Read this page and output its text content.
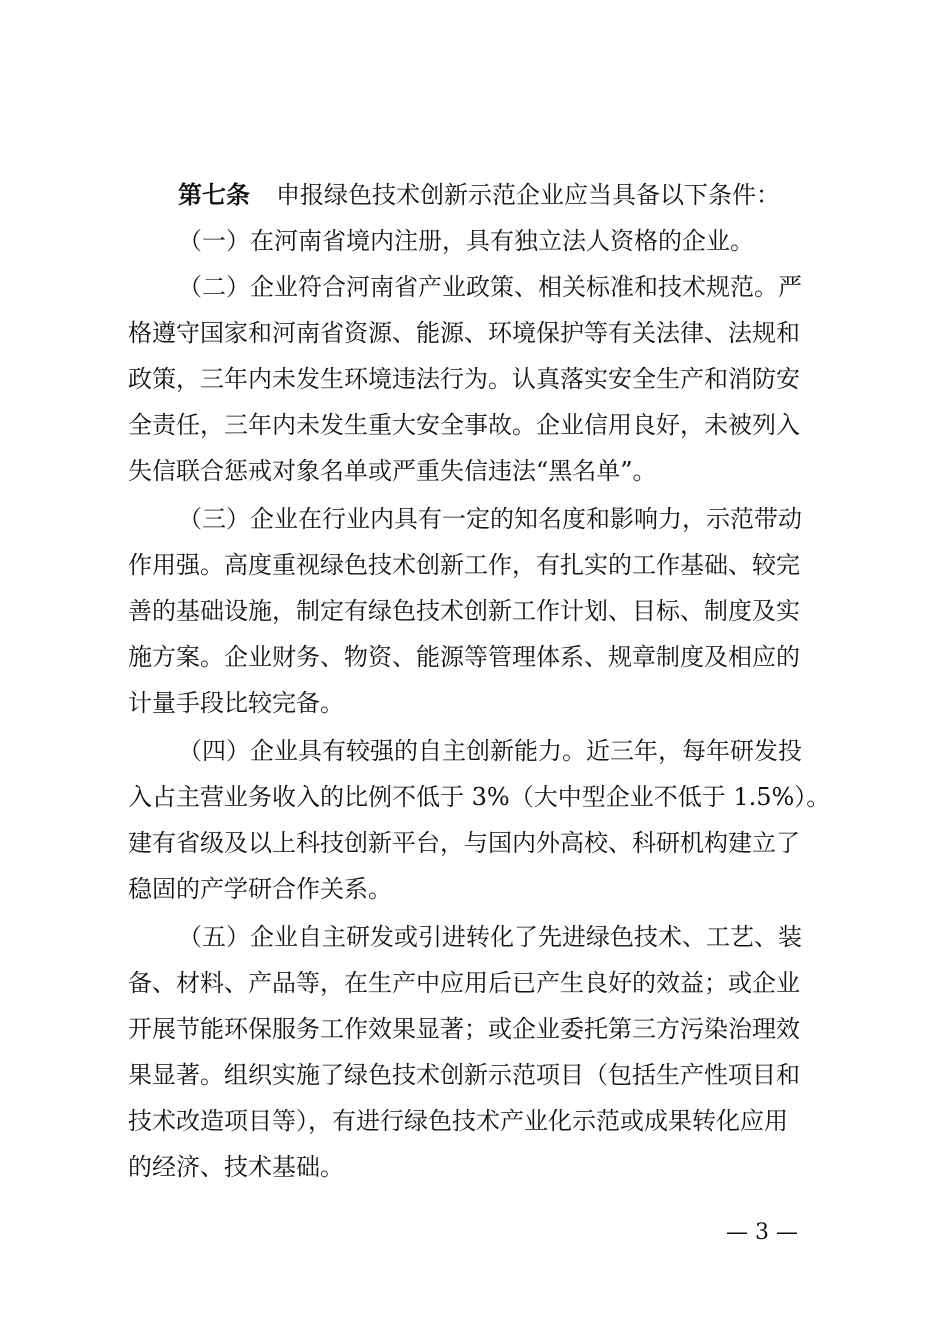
第七条 申报绿色技术创新示范企业应当具备以下条件：
（一）在河南省境内注册，具有独立法人资格的企业。
（二）企业符合河南省产业政策、相关标准和技术规范。严
格遵守国家和河南省资源、能源、环境保护等有关法律、法规和
政策，三年内未发生环境违法行为。认真落实安全生产和消防安
全责任，三年内未发生重大安全事故。企业信用良好，未被列入
失信联合惩戒对象名单或严重失信违法“黑名单”。
（三）企业在行业内具有一定的知名度和影响力，示范带动
作用强。高度重视绿色技术创新工作，有扎实的工作基础、较完
善的基础设施，制定有绿色技术创新工作计划、目标、制度及实
施方案。企业财务、物资、能源等管理体系、规章制度及相应的
计量手段比较完备。
（四）企业具有较强的自主创新能力。近三年，每年研发投
入占主营业务收入的比例不低于 3%（大中型企业不低于 1.5%）。
建有省级及以上科技创新平台，与国内外高校、科研机构建立了
稳固的产学研合作关系。
（五）企业自主研发或引进转化了先进绿色技术、工艺、装
备、材料、产品等，在生产中应用后已产生良好的效益；或企业
开展节能环保服务工作效果显著；或企业委托第三方污染治理效
果显著。组织实施了绿色技术创新示范项目（包括生产性项目和
技术改造项目等），有进行绿色技术产业化示范或成果转化应用
的经济、技术基础。
— 3 —
